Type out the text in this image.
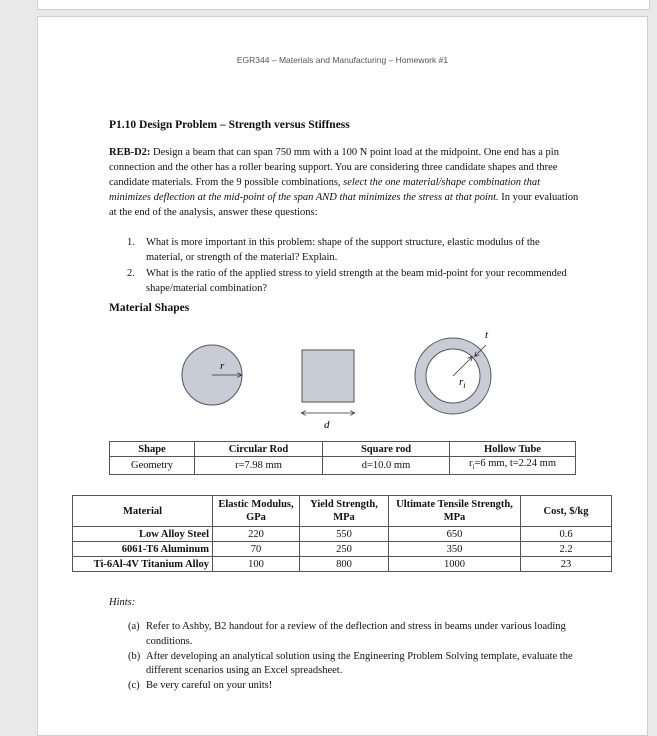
EGR344 – Materials and Manufacturing – Homework #1
P1.10 Design Problem – Strength versus Stiffness

REB-D2: Design a beam that can span 750 mm with a 100 N point load at the midpoint. One end has a pin connection and the other has a roller bearing support. You are considering three candidate shapes and three candidate materials. From the 9 possible combinations, select the one material/shape combination that minimizes deflection at the mid-point of the span AND that minimizes the stress at that point. In your evaluation at the end of the analysis, answer these questions:

1. What is more important in this problem: shape of the support structure, elastic modulus of the material, or strength of the material? Explain.
2. What is the ratio of the applied stress to yield strength at the beam mid-point for your recommended shape/material combination?
Material Shapes
r
d
t
$r_i$
Shape	Circular Rod	Square rod	Hollow Tube
Geometry	r=7.98 mm	d=10.0 mm	$r_i=6$ mm, t=2.24 mm
Material	Elastic Modulus, GPa	Yield Strength, MPa	Ultimate Tensile Strength, MPa	Cost, $/kg
Low Alloy Steel	220	550	650	0.6
6061-T6 Aluminum	70	250	350	2.2
Ti-6Al-4V Titanium Alloy	100	800	1000	23
Hints:
(a) Refer to Ashby, B2 handout for a review of the deflection and stress in beams under various loading conditions.
(b) After developing an analytical solution using the Engineering Problem Solving template, evaluate the different scenarios using an Excel spreadsheet.
(c) Be very careful on your units!
